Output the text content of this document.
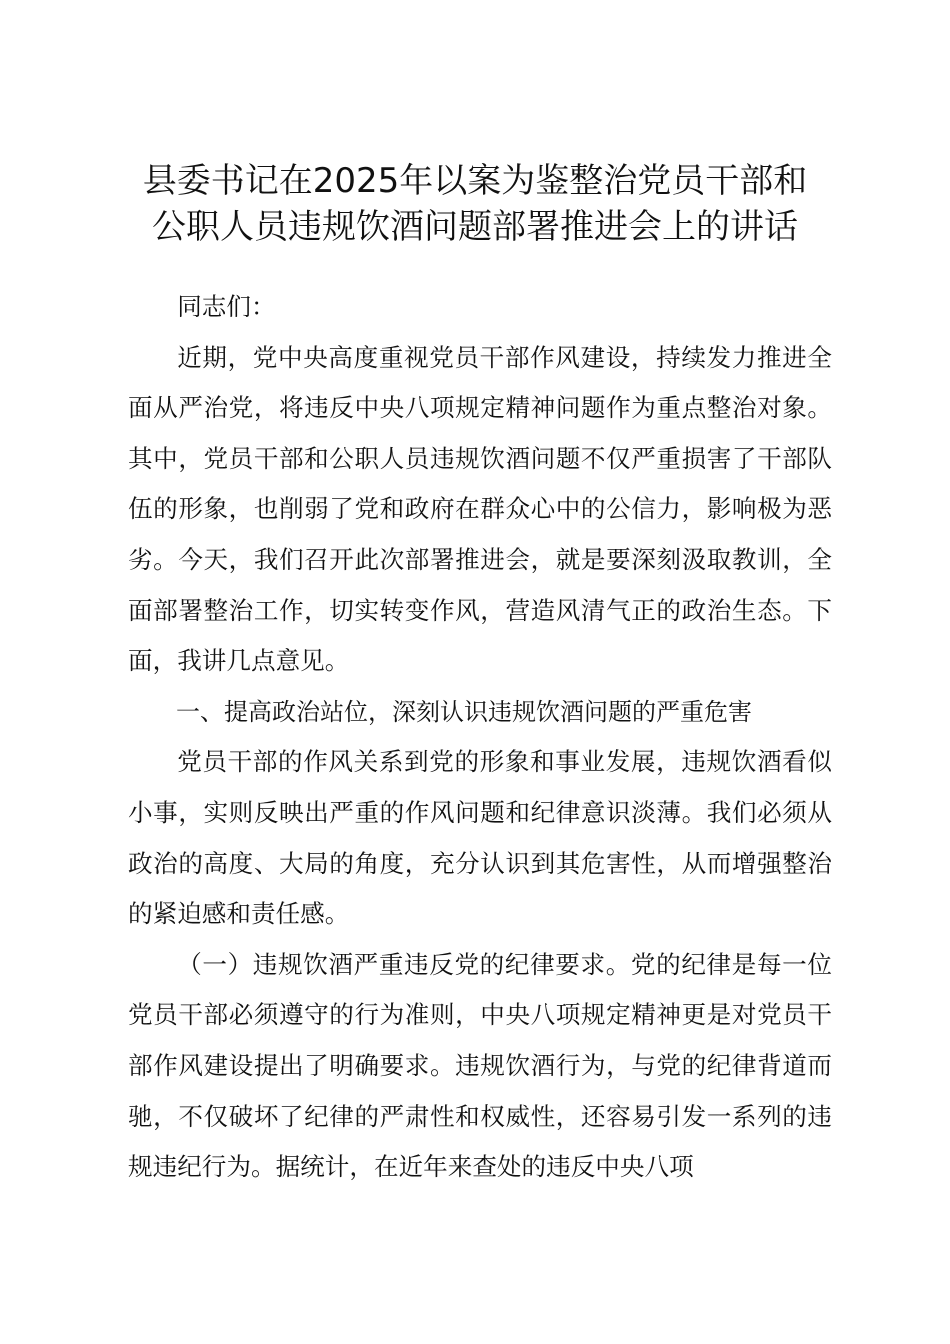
县委书记在2025年以案为鉴整治党员干部和
公职人员违规饮酒问题部署推进会上的讲话

同志们：

近期，党中央高度重视党员干部作风建设，持续发力推进全面从严治党，将违反中央八项规定精神问题作为重点整治对象。其中，党员干部和公职人员违规饮酒问题不仅严重损害了干部队伍的形象，也削弱了党和政府在群众心中的公信力，影响极为恶劣。今天，我们召开此次部署推进会，就是要深刻汲取教训，全面部署整治工作，切实转变作风，营造风清气正的政治生态。下面，我讲几点意见。

一、提高政治站位，深刻认识违规饮酒问题的严重危害

党员干部的作风关系到党的形象和事业发展，违规饮酒看似小事，实则反映出严重的作风问题和纪律意识淡薄。我们必须从政治的高度、大局的角度，充分认识到其危害性，从而增强整治的紧迫感和责任感。

（一）违规饮酒严重违反党的纪律要求。党的纪律是每一位党员干部必须遵守的行为准则，中央八项规定精神更是对党员干部作风建设提出了明确要求。违规饮酒行为，与党的纪律背道而驰，不仅破坏了纪律的严肃性和权威性，还容易引发一系列的违规违纪行为。据统计，在近年来查处的违反中央八项
